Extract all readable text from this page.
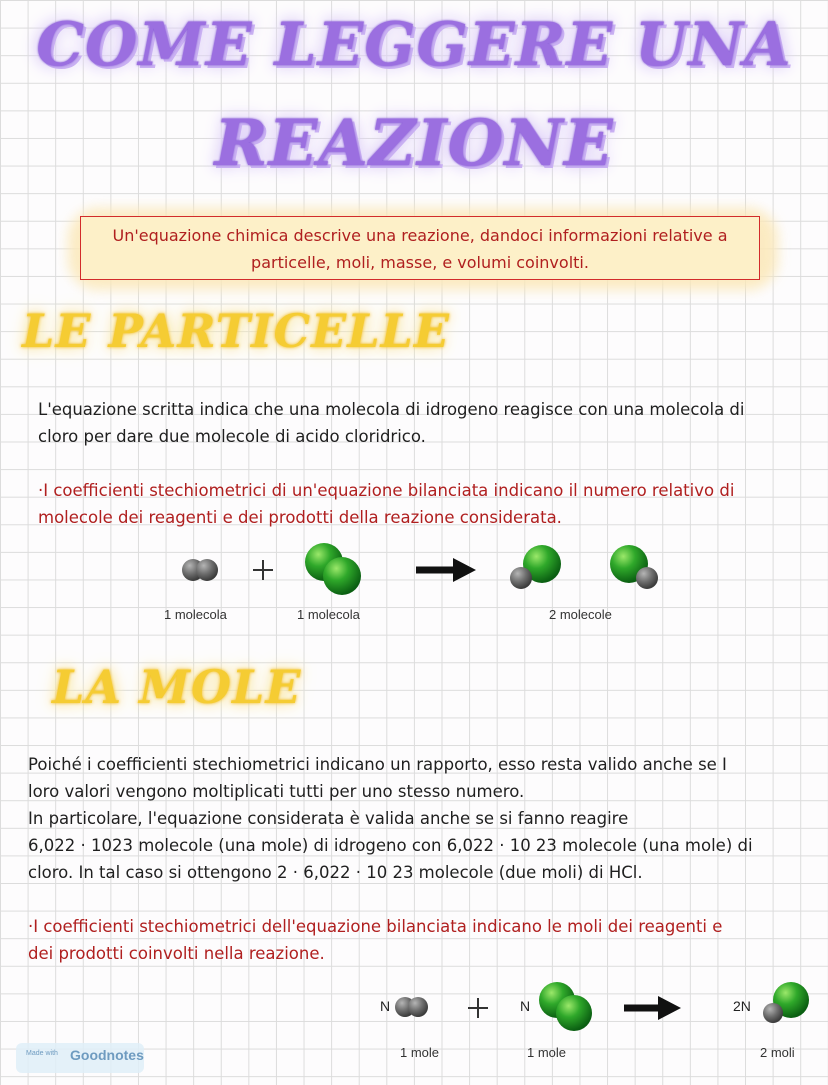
COME LEGGERE UNA
REAZIONE
Un'equazione chimica descrive una reazione, dandoci informazioni relative a
particelle, moli, masse, e volumi coinvolti.
LE PARTICELLE
L'equazione scritta indica che una molecola di idrogeno reagisce con una molecola di
cloro per dare due molecole di acido cloridrico.
·I coefficienti stechiometrici di un'equazione bilanciata indicano il numero relativo di
molecole dei reagenti e dei prodotti della reazione considerata.
1 molecola	1 molecola	2 molecole
LA MOLE
Poiché i coefficienti stechiometrici indicano un rapporto, esso resta valido anche se I
loro valori vengono moltiplicati tutti per uno stesso numero.
In particolare, l'equazione considerata è valida anche se si fanno reagire
6,022 · 1023 molecole (una mole) di idrogeno con 6,022 · 10 23 molecole (una mole) di
cloro. In tal caso si ottengono 2 · 6,022 · 10 23 molecole (due moli) di HCl.
·I coefficienti stechiometrici dell'equazione bilanciata indicano le moli dei reagenti e
dei prodotti coinvolti nella reazione.
N	N	2N
1 mole	1 mole	2 moli
Made with Goodnotes
